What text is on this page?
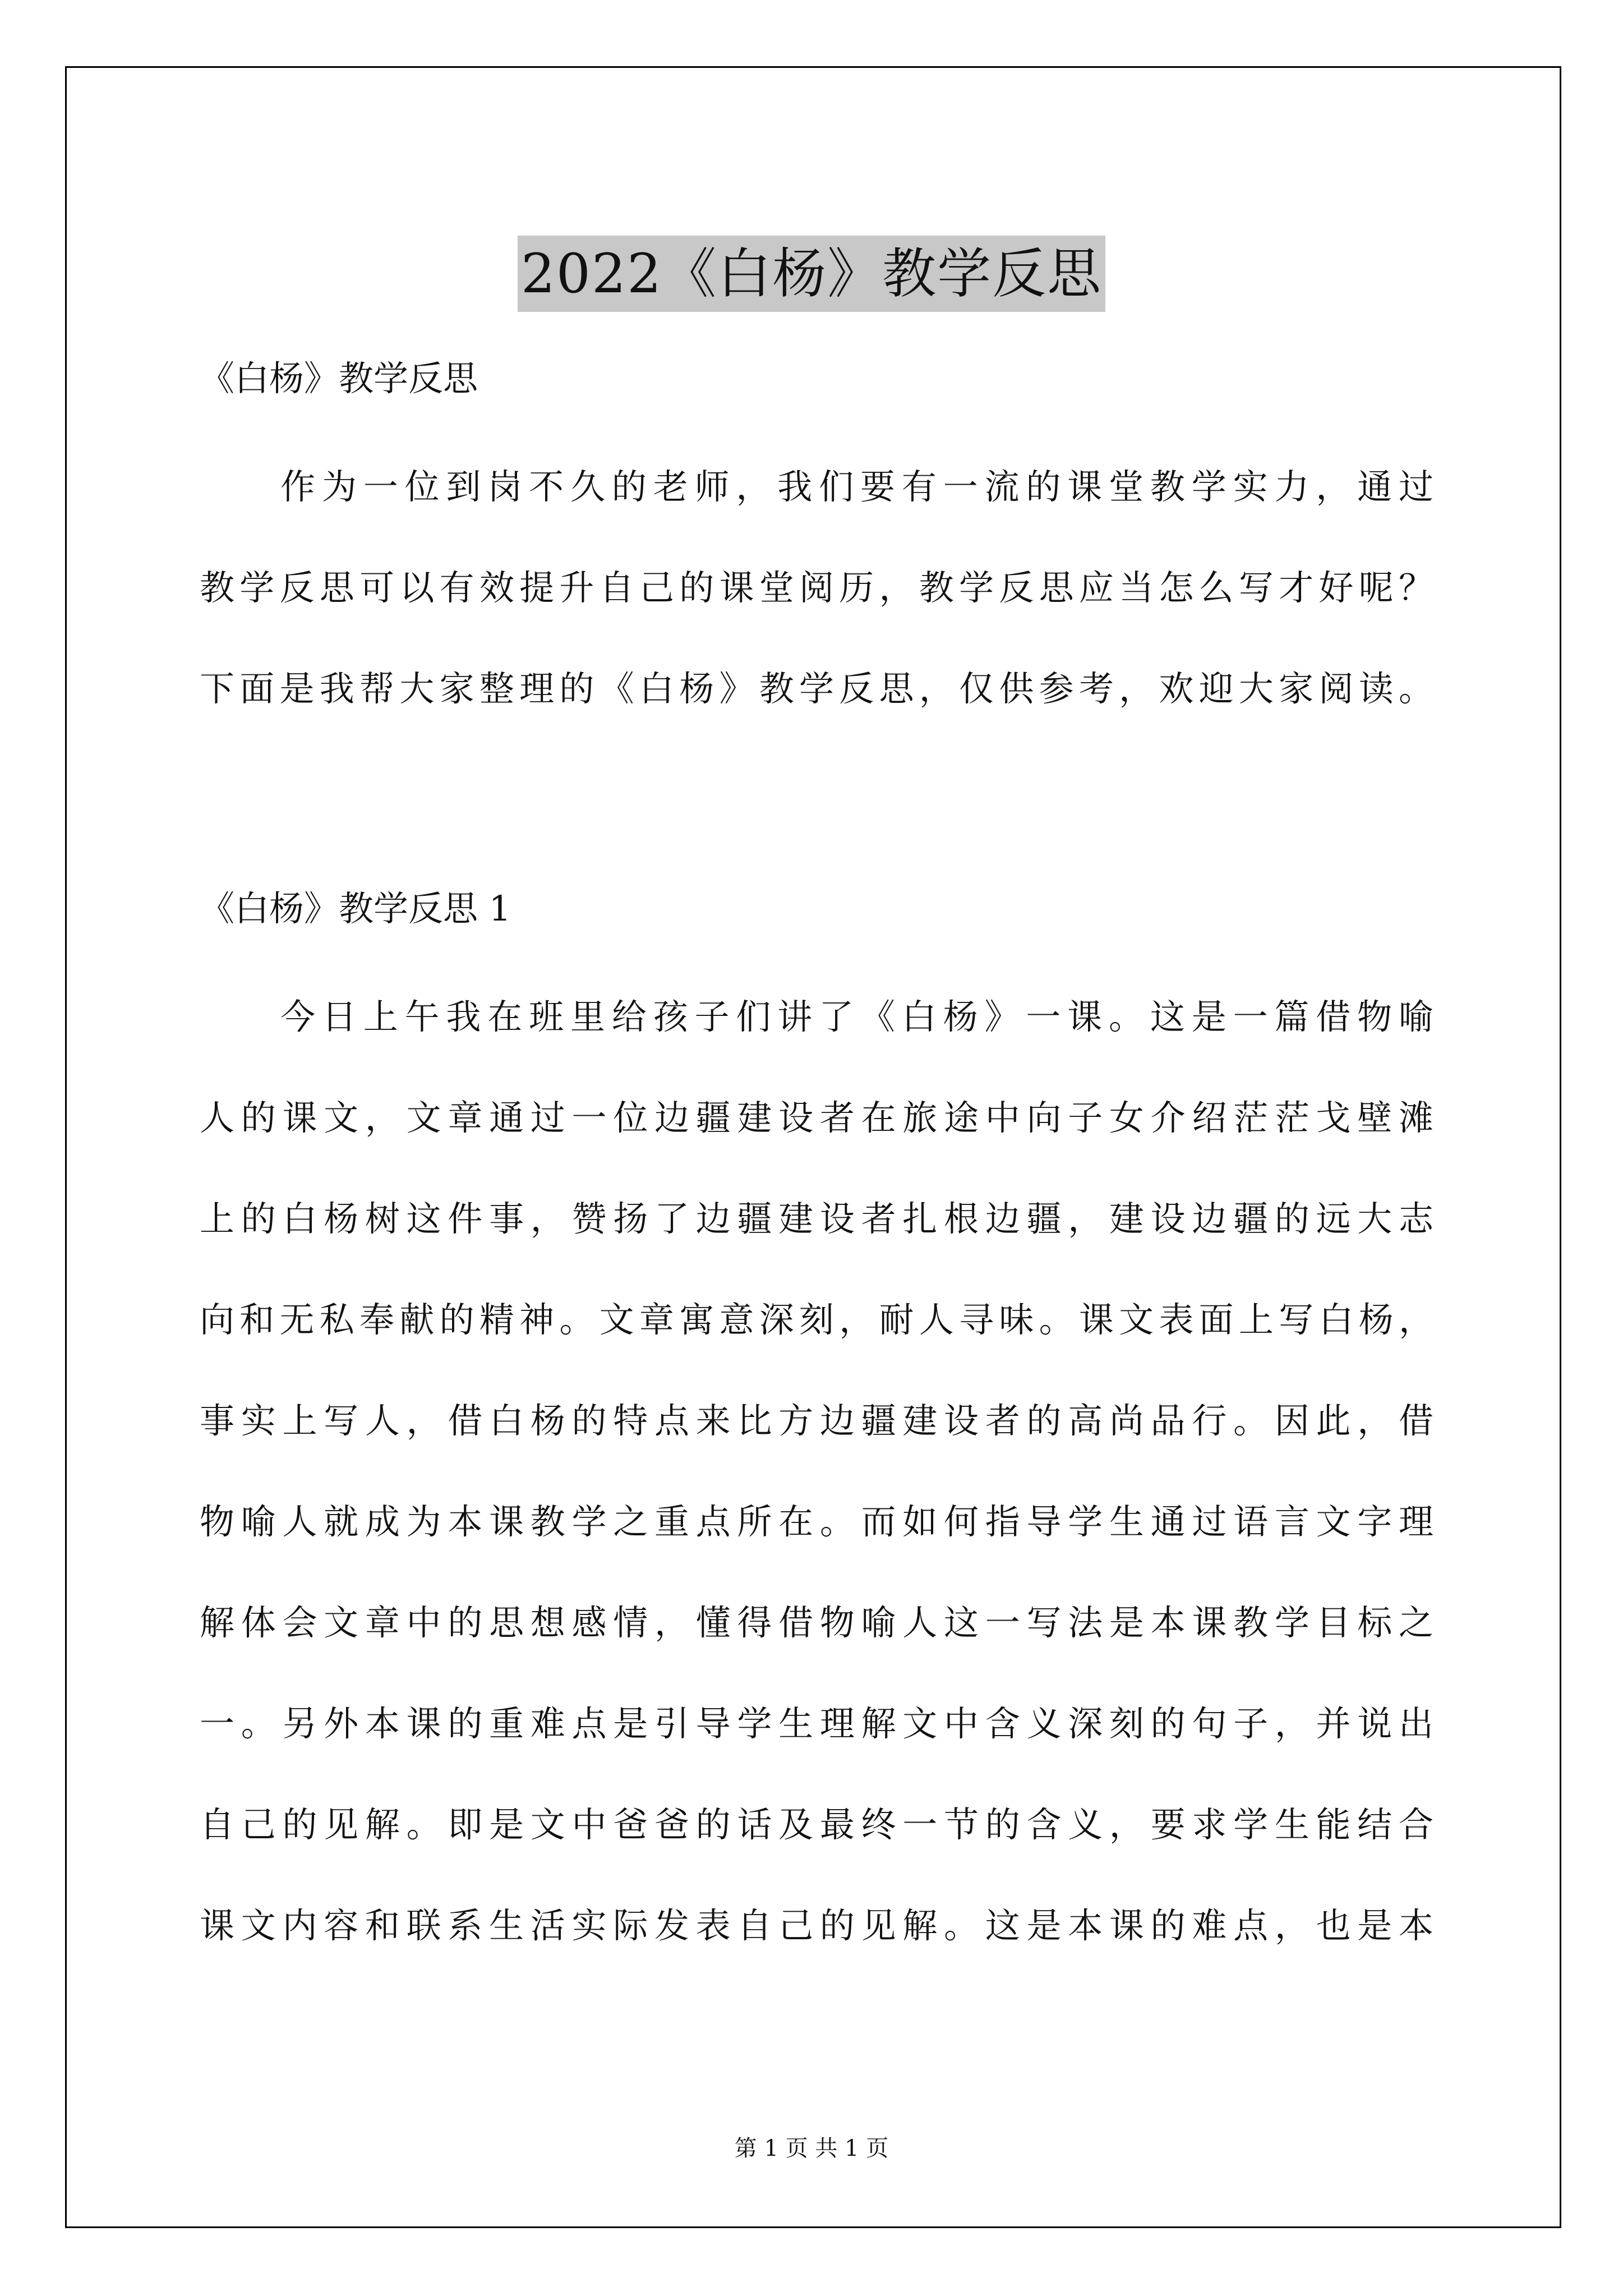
2022《白杨》教学反思
《白杨》教学反思
作为一位到岗不久的老师，我们要有一流的课堂教学实力，通过
教学反思可以有效提升自己的课堂阅历，教学反思应当怎么写才好呢？
下面是我帮大家整理的《白杨》教学反思，仅供参考，欢迎大家阅读。
《白杨》教学反思 1
今日上午我在班里给孩子们讲了《白杨》一课。这是一篇借物喻
人的课文，文章通过一位边疆建设者在旅途中向子女介绍茫茫戈壁滩
上的白杨树这件事，赞扬了边疆建设者扎根边疆，建设边疆的远大志
向和无私奉献的精神。文章寓意深刻，耐人寻味。课文表面上写白杨，
事实上写人，借白杨的特点来比方边疆建设者的高尚品行。因此，借
物喻人就成为本课教学之重点所在。而如何指导学生通过语言文字理
解体会文章中的思想感情，懂得借物喻人这一写法是本课教学目标之
一。另外本课的重难点是引导学生理解文中含义深刻的句子，并说出
自己的见解。即是文中爸爸的话及最终一节的含义，要求学生能结合
课文内容和联系生活实际发表自己的见解。这是本课的难点，也是本
第 1 页 共 1 页
